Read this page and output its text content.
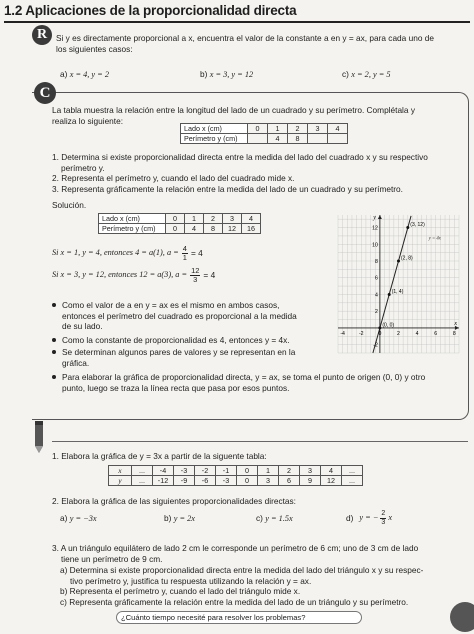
1.2 Aplicaciones de la proporcionalidad directa
R	Si y es directamente proporcional a x, encuentra el valor de la constante a en y = ax, para cada uno de
los siguientes casos:
a) x = 4, y = 2	b) x = 3, y = 12	c) x = 2, y = 5
C
La tabla muestra la relación entre la longitud del lado de un cuadrado y su perímetro. Complétala y
realiza lo siguiente:
Lado x (cm)	0	1	2	3	4
Perímetro y (cm)		4	8		
1. Determina si existe proporcionalidad directa entre la medida del lado del cuadrado x y su respectivo
perímetro y.
2. Representa el perímetro y, cuando el lado del cuadrado mide x.
3. Representa gráficamente la relación entre la medida del lado de un cuadrado y su perímetro.
Solución.
Lado x (cm)	0	1	2	3	4
Perímetro y (cm)	0	4	8	12	16
Si x = 1, y = 4, entonces 4 = a(1), $a = \frac{4}{1} = 4$
Si x = 3, y = 12, entonces 12 = a(3), $a = \frac{12}{3} = 4$
Como el valor de a en y = ax es el mismo en ambos casos,
entonces el perímetro del cuadrado es proporcional a la medida
de su lado.
Como la constante de proporcionalidad es 4, entonces y = 4x.
Se determinan algunos pares de valores y se representan en la
gráfica.
Para elaborar la gráfica de proporcionalidad directa, y = ax, se toma el punto de origen (0, 0) y otro
punto, luego se traza la línea recta que pasa por esos puntos.
x
y
-4	-2	0	2	4	6	8
12
10
8
6
4
2
-2
y = 4x
(0, 0)
(1, 4)
(2, 8)
(3, 12)
1. Elabora la gráfica de y = 3x a partir de la siguente tabla:
x	...	-4	-3	-2	-1	0	1	2	3	4	...
y	...	-12	-9	-6	-3	0	3	6	9	12	...
2. Elabora la gráfica de las siguientes proporcionalidades directas:
a) y = −3x	b) y = 2x	c) y = 1.5x	d) y = − $\frac{2}{3}$ x
3. A un triángulo equilátero de lado 2 cm le corresponde un perímetro de 6 cm; uno de 3 cm de lado
tiene un perímetro de 9 cm.
a) Determina si existe proporcionalidad directa entre la medida del lado del triángulo x y su respec-
tivo perímetro y, justifica tu respuesta utilizando la relación y = ax.
b) Representa el perímetro y, cuando el lado del triángulo mide x.
c) Representa gráficamente la relación entre la medida del lado de un triángulo y su perímetro.
¿Cuánto tiempo necesité para resolver los problemas?
